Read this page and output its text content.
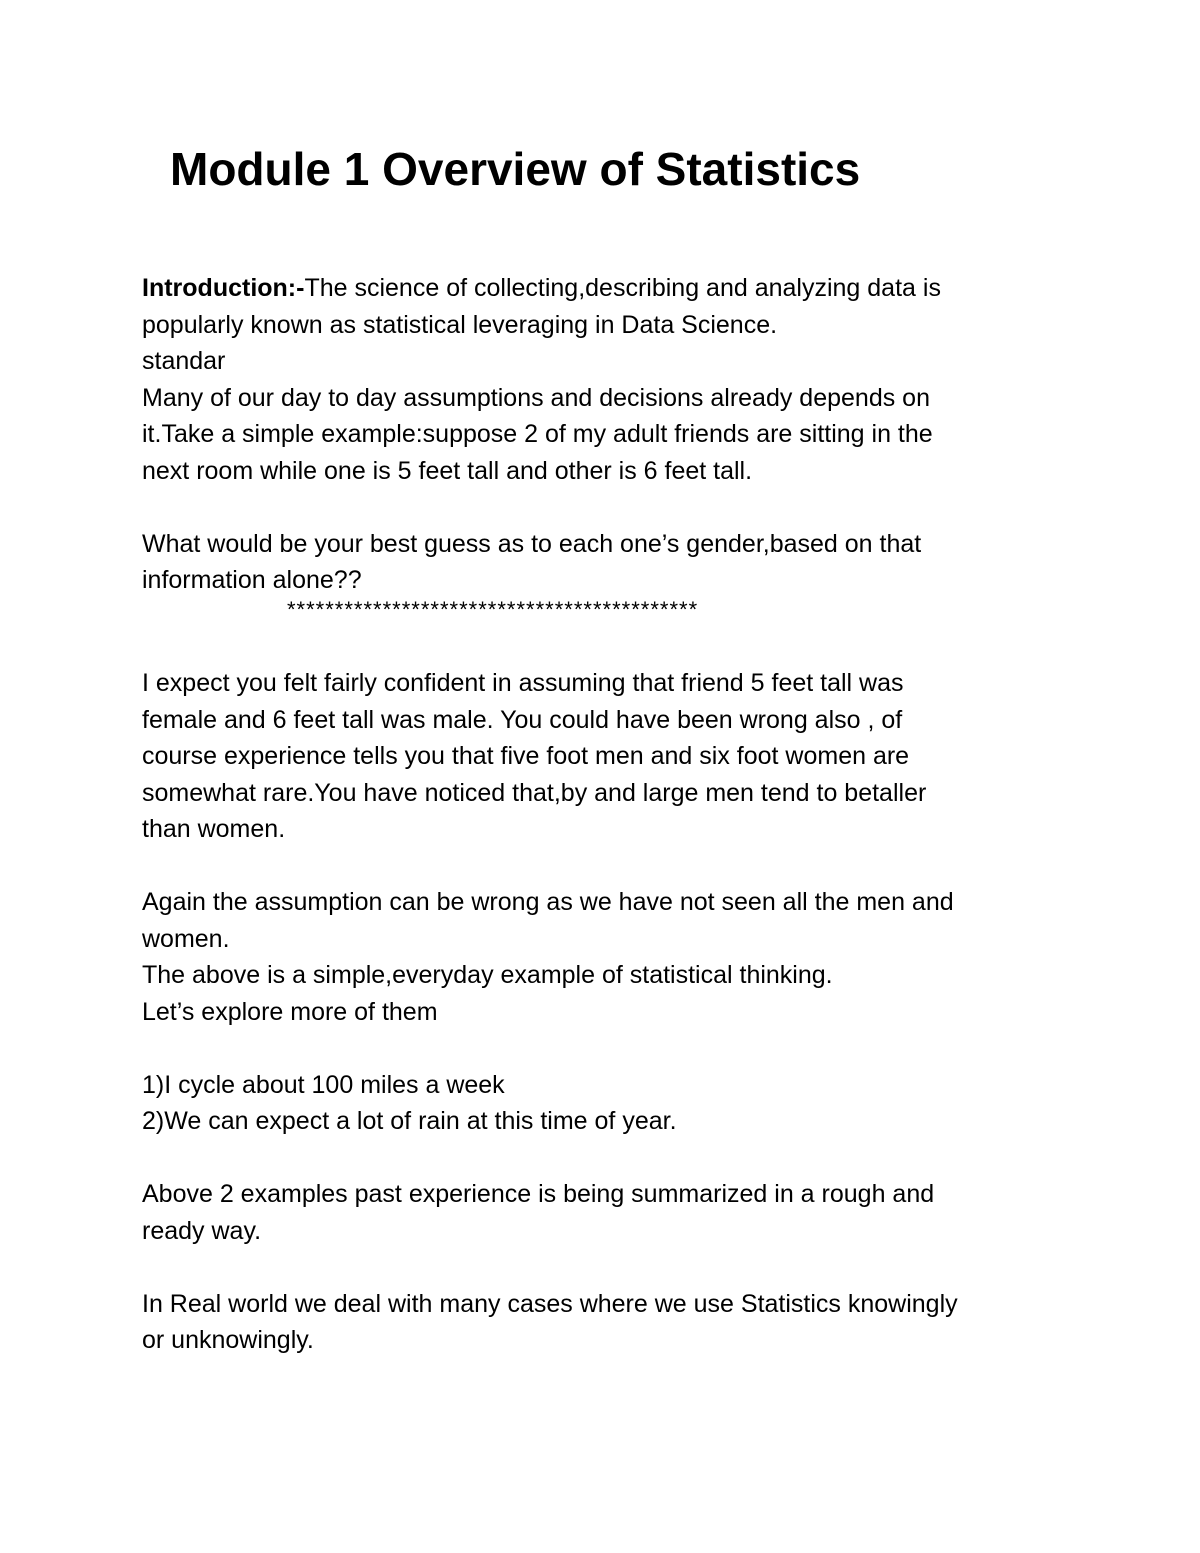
Module 1 Overview of Statistics
Introduction:-The science of collecting,describing and analyzing data is
popularly known as statistical leveraging in Data Science.
standar
Many of our day to day assumptions and decisions already depends on
it.Take a simple example:suppose 2 of my adult friends are sitting in the
next room while one is 5 feet tall and other is 6 feet tall.
What would be your best guess as to each one’s gender,based on that
information alone??
*******************************************
I expect you felt fairly confident in assuming that friend 5 feet tall was
female and 6 feet tall was male. You could have been wrong also , of
course experience tells you that five foot men and six foot women are
somewhat rare.You have noticed that,by and large men tend to betaller
than women.
Again the assumption can be wrong as we have not seen all the men and
women.
The above is a simple,everyday example of statistical thinking.
Let’s explore more of them
1)I cycle about 100 miles a week
2)We can expect a lot of rain at this time of year.
Above 2 examples past experience is being summarized in a rough and
ready way.
In Real world we deal with many cases where we use Statistics knowingly
or unknowingly.
